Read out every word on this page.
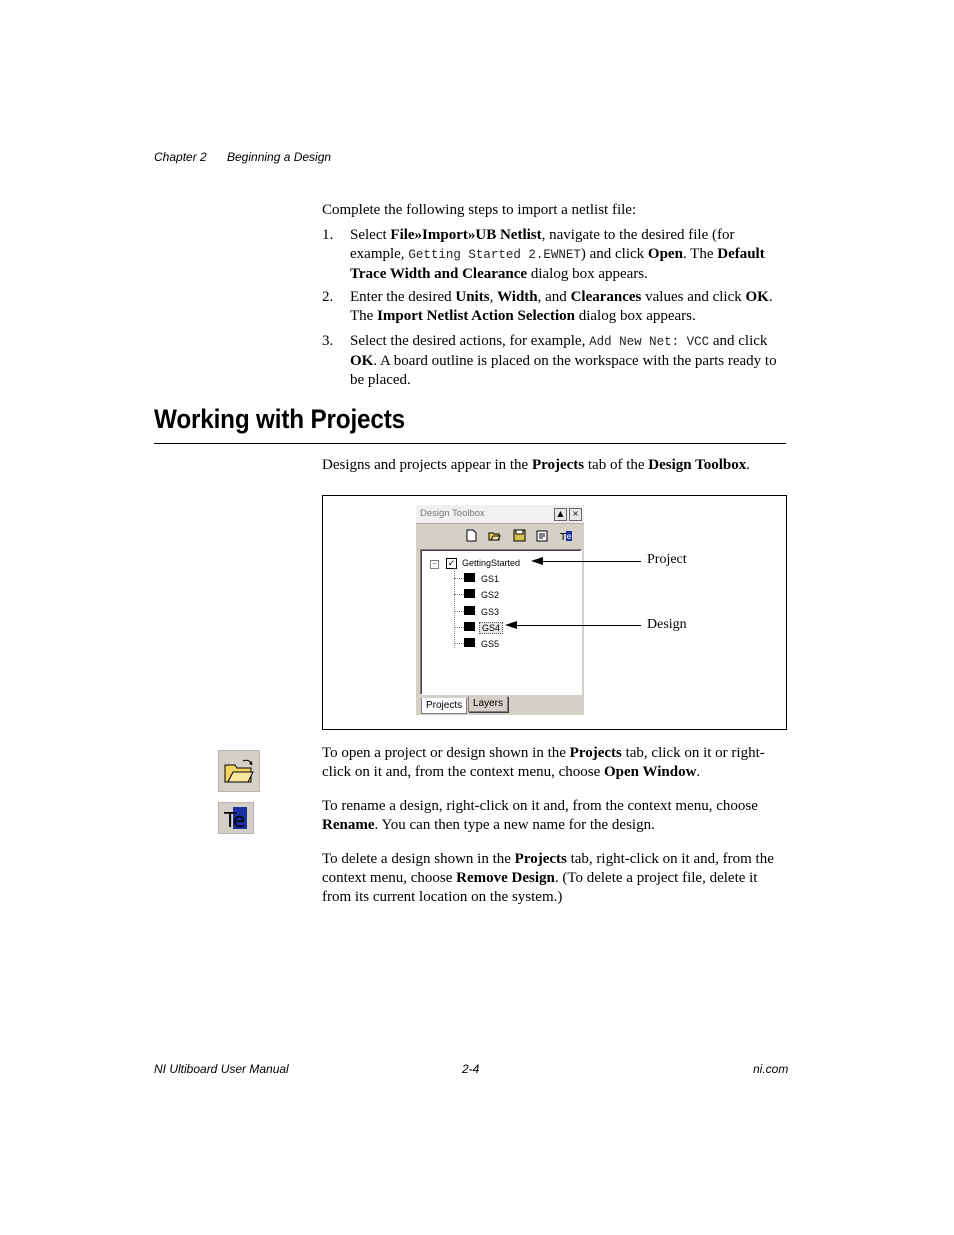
Chapter 2 Beginning a Design
Complete the following steps to import a netlist file:
1. Select File»Import»UB Netlist, navigate to the desired file (for example, Getting Started 2.EWNET) and click Open. The Default Trace Width and Clearance dialog box appears.
2. Enter the desired Units, Width, and Clearances values and click OK. The Import Netlist Action Selection dialog box appears.
3. Select the desired actions, for example, Add New Net: VCC and click OK. A board outline is placed on the workspace with the parts ready to be placed.
Working with Projects
Designs and projects appear in the Projects tab of the Design Toolbox.
Design Toolbox	▲	×
T e
− ✓ GettingStarted
GS1
GS2
GS3
GS4
GS5
Projects	Layers
Project
Design
Te
To open a project or design shown in the Projects tab, click on it or right-click on it and, from the context menu, choose Open Window.
To rename a design, right-click on it and, from the context menu, choose Rename. You can then type a new name for the design.
To delete a design shown in the Projects tab, right-click on it and, from the context menu, choose Remove Design. (To delete a project file, delete it from its current location on the system.)
NI Ultiboard User Manual	2-4	ni.com
